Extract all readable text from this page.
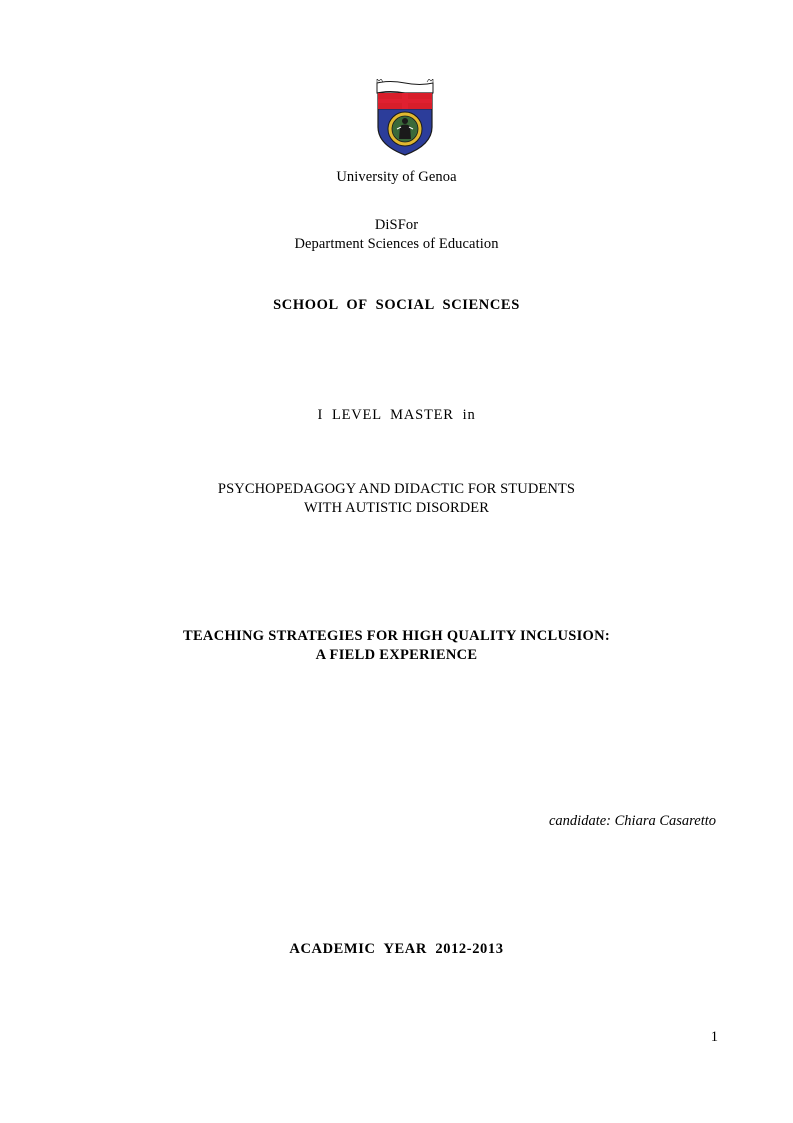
University of Genoa
DiSFor
Department Sciences of Education
SCHOOL  OF  SOCIAL  SCIENCES
I  LEVEL  MASTER  in
PSYCHOPEDAGOGY AND DIDACTIC FOR STUDENTS
WITH AUTISTIC DISORDER
TEACHING STRATEGIES FOR HIGH QUALITY INCLUSION:
A FIELD EXPERIENCE
candidate: Chiara Casaretto
ACADEMIC  YEAR  2012-2013
1
